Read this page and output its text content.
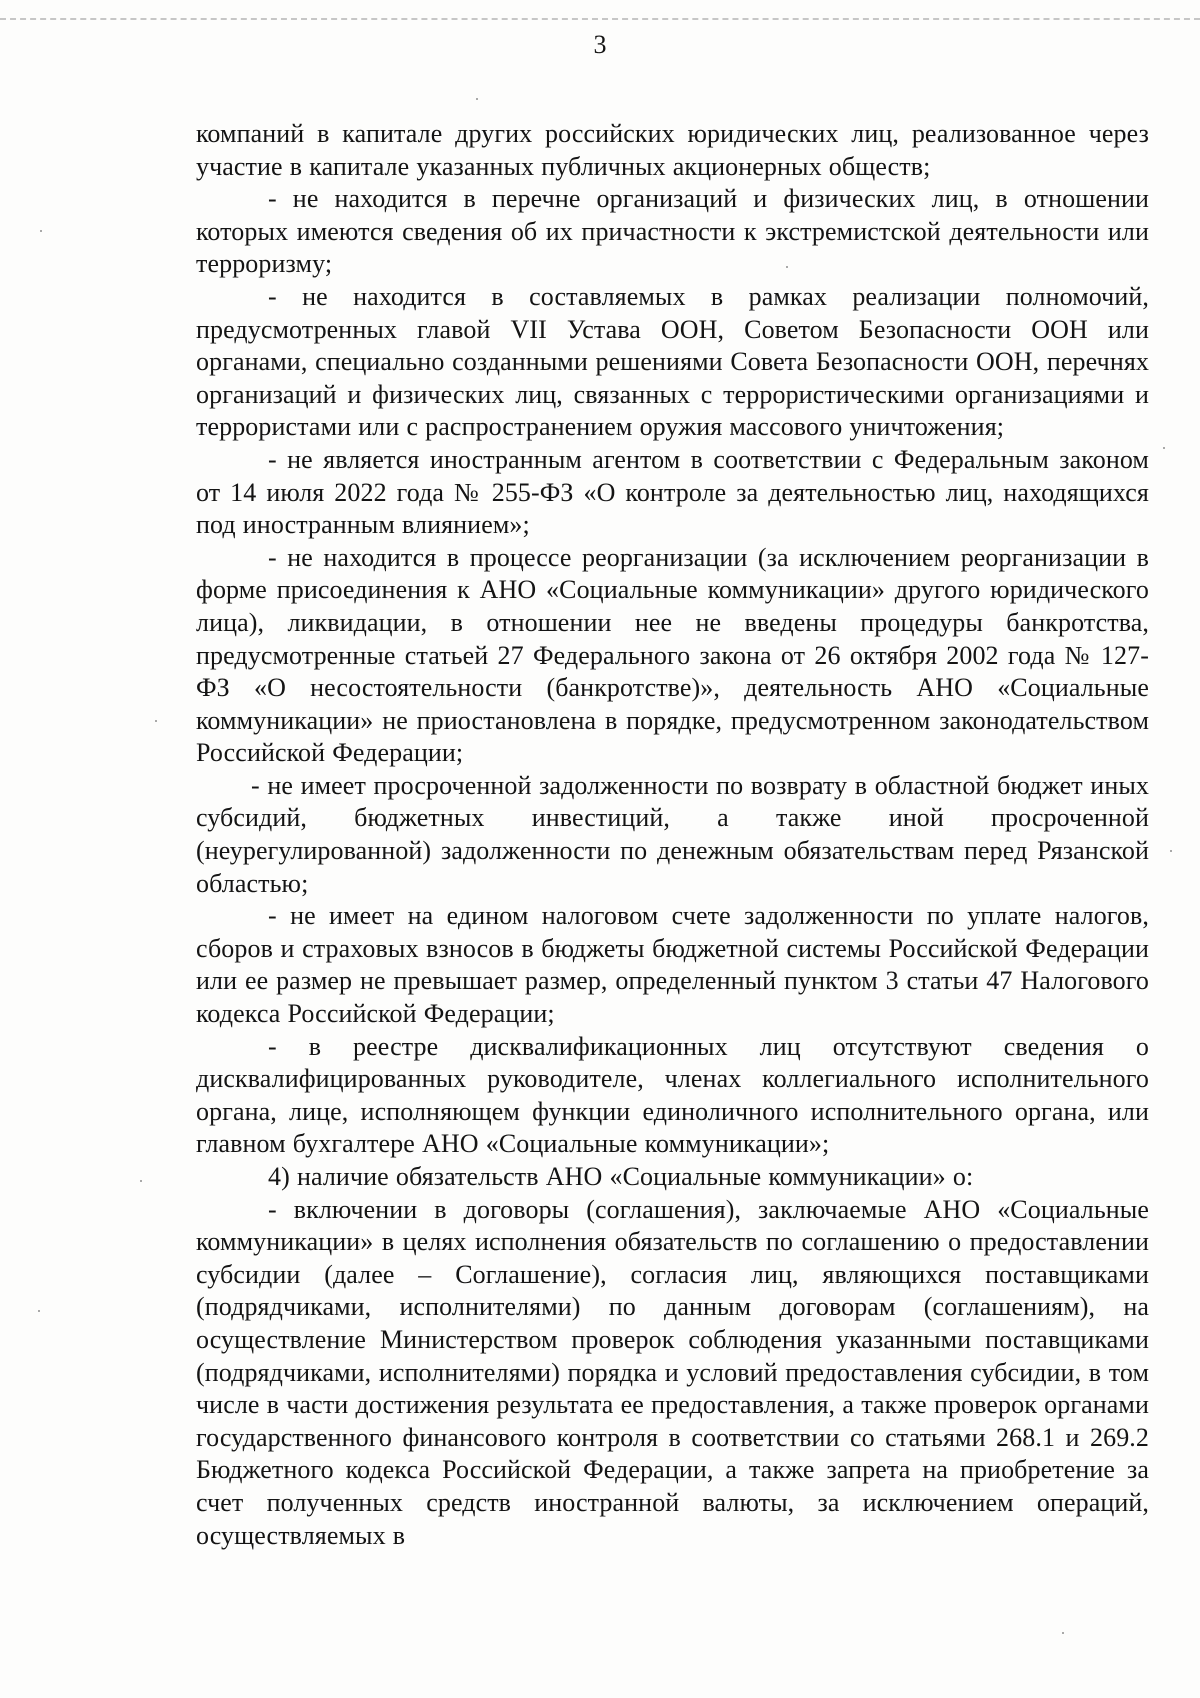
3

компаний в капитале других российских юридических лиц, реализованное через участие в капитале указанных публичных акционерных обществ;

- не находится в перечне организаций и физических лиц, в отношении которых имеются сведения об их причастности к экстремистской деятельности или терроризму;

- не находится в составляемых в рамках реализации полномочий, предусмотренных главой VII Устава ООН, Советом Безопасности ООН или органами, специально созданными решениями Совета Безопасности ООН, перечнях организаций и физических лиц, связанных с террористическими организациями и террористами или с распространением оружия массового уничтожения;

- не является иностранным агентом в соответствии с Федеральным законом от 14 июля 2022 года № 255-ФЗ «О контроле за деятельностью лиц, находящихся под иностранным влиянием»;

- не находится в процессе реорганизации (за исключением реорганизации в форме присоединения к АНО «Социальные коммуникации» другого юридического лица), ликвидации, в отношении нее не введены процедуры банкротства, предусмотренные статьей 27 Федерального закона от 26 октября 2002 года № 127-ФЗ «О несостоятельности (банкротстве)», деятельность АНО «Социальные коммуникации» не приостановлена в порядке, предусмотренном законодательством Российской Федерации;

- не имеет просроченной задолженности по возврату в областной бюджет иных субсидий, бюджетных инвестиций, а также иной просроченной (неурегулированной) задолженности по денежным обязательствам перед Рязанской областью;

- не имеет на едином налоговом счете задолженности по уплате налогов, сборов и страховых взносов в бюджеты бюджетной системы Российской Федерации или ее размер не превышает размер, определенный пунктом 3 статьи 47 Налогового кодекса Российской Федерации;

- в реестре дисквалификационных лиц отсутствуют сведения о дисквалифицированных руководителе, членах коллегиального исполнительного органа, лице, исполняющем функции единоличного исполнительного органа, или главном бухгалтере АНО «Социальные коммуникации»;

4) наличие обязательств АНО «Социальные коммуникации» о:

- включении в договоры (соглашения), заключаемые АНО «Социальные коммуникации» в целях исполнения обязательств по соглашению о предоставлении субсидии (далее – Соглашение), согласия лиц, являющихся поставщиками (подрядчиками, исполнителями) по данным договорам (соглашениям), на осуществление Министерством проверок соблюдения указанными поставщиками (подрядчиками, исполнителями) порядка и условий предоставления субсидии, в том числе в части достижения результата ее предоставления, а также проверок органами государственного финансового контроля в соответствии со статьями 268.1 и 269.2 Бюджетного кодекса Российской Федерации, а также запрета на приобретение за счет полученных средств иностранной валюты, за исключением операций, осуществляемых в
